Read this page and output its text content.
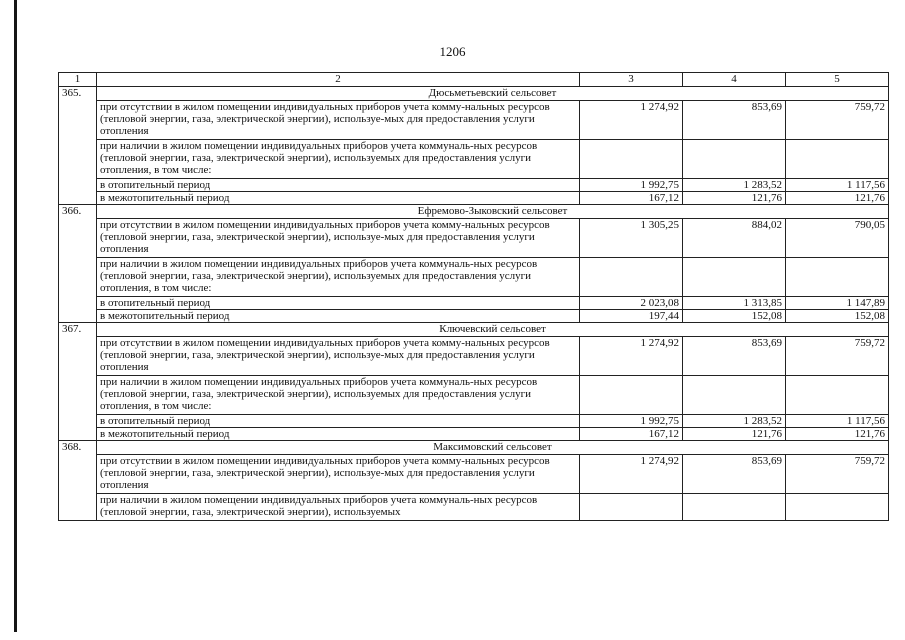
1206
1	2	3	4	5
365.	Дюсьметьевский сельсовет			
	при отсутствии в жилом помещении индивидуальных приборов учета комму-нальных ресурсов (тепловой энергии, газа, электрической энергии), используе-мых для предоставления услуги отопления	1 274,92	853,69	759,72
	при наличии в жилом помещении индивидуальных приборов учета коммуналь-ных ресурсов (тепловой энергии, газа, электрической энергии), используемых для предоставления услуги отопления, в том числе:			
	в отопительный период	1 992,75	1 283,52	1 117,56
	в межотопительный период	167,12	121,76	121,76
366.	Ефремово-Зыковский сельсовет			
	при отсутствии в жилом помещении индивидуальных приборов учета комму-нальных ресурсов (тепловой энергии, газа, электрической энергии), используе-мых для предоставления услуги отопления	1 305,25	884,02	790,05
	при наличии в жилом помещении индивидуальных приборов учета коммуналь-ных ресурсов (тепловой энергии, газа, электрической энергии), используемых для предоставления услуги отопления, в том числе:			
	в отопительный период	2 023,08	1 313,85	1 147,89
	в межотопительный период	197,44	152,08	152,08
367.	Ключевский сельсовет			
	при отсутствии в жилом помещении индивидуальных приборов учета комму-нальных ресурсов (тепловой энергии, газа, электрической энергии), используе-мых для предоставления услуги отопления	1 274,92	853,69	759,72
	при наличии в жилом помещении индивидуальных приборов учета коммуналь-ных ресурсов (тепловой энергии, газа, электрической энергии), используемых для предоставления услуги отопления, в том числе:			
	в отопительный период	1 992,75	1 283,52	1 117,56
	в межотопительный период	167,12	121,76	121,76
368.	Максимовский сельсовет			
	при отсутствии в жилом помещении индивидуальных приборов учета комму-нальных ресурсов (тепловой энергии, газа, электрической энергии), используе-мых для предоставления услуги отопления	1 274,92	853,69	759,72
	при наличии в жилом помещении индивидуальных приборов учета коммуналь-ных ресурсов (тепловой энергии, газа, электрической энергии), используемых			
